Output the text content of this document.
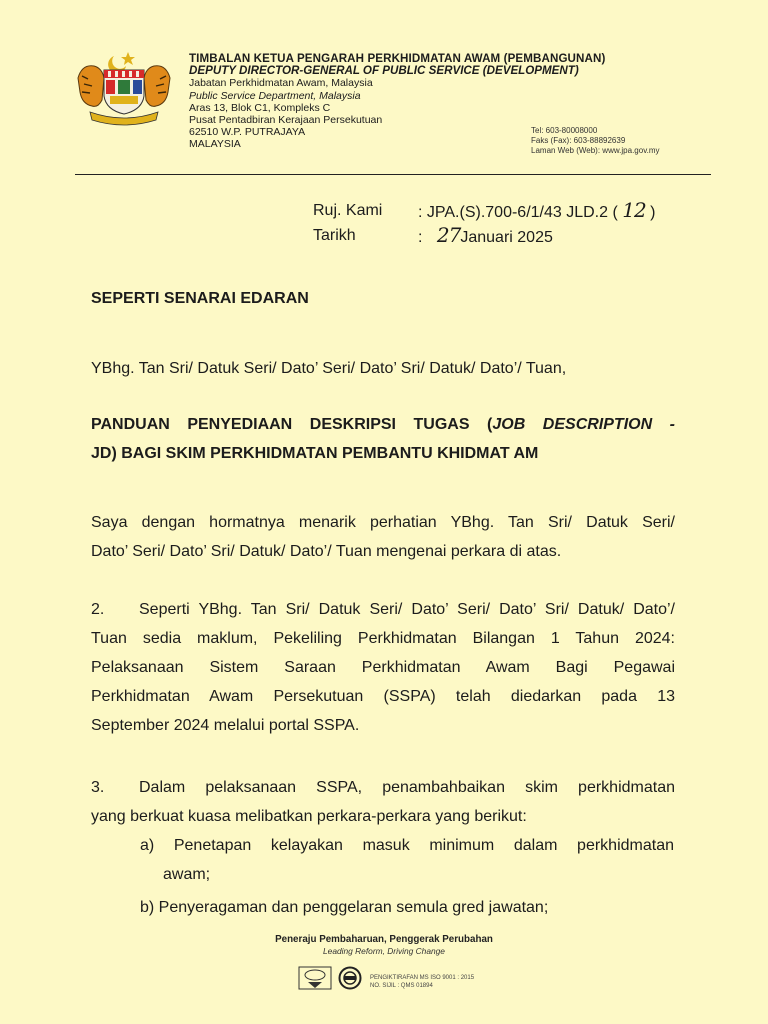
TIMBALAN KETUA PENGARAH PERKHIDMATAN AWAM (PEMBANGUNAN)
DEPUTY DIRECTOR-GENERAL OF PUBLIC SERVICE (DEVELOPMENT)
Jabatan Perkhidmatan Awam, Malaysia
Public Service Department, Malaysia
Aras 13, Blok C1, Kompleks C
Pusat Pentadbiran Kerajaan Persekutuan
62510 W.P. PUTRAJAYA
MALAYSIA
Tel: 603-80008000
Faks (Fax): 603-88892639
Laman Web (Web): www.jpa.gov.my
Ruj. Kami	: JPA.(S).700-6/1/43 JLD.2 ( 12 )
Tarikh	: 27Januari 2025
SEPERTI SENARAI EDARAN
YBhg. Tan Sri/ Datuk Seri/ Dato’ Seri/ Dato’ Sri/ Datuk/ Dato’/ Tuan,
PANDUAN PENYEDIAAN DESKRIPSI TUGAS (JOB DESCRIPTION -
JD) BAGI SKIM PERKHIDMATAN PEMBANTU KHIDMAT AM
Saya dengan hormatnya menarik perhatian YBhg. Tan Sri/ Datuk Seri/
Dato’ Seri/ Dato’ Sri/ Datuk/ Dato’/ Tuan mengenai perkara di atas.
2. Seperti YBhg. Tan Sri/ Datuk Seri/ Dato’ Seri/ Dato’ Sri/ Datuk/ Dato’/
Tuan sedia maklum, Pekeliling Perkhidmatan Bilangan 1 Tahun 2024:
Pelaksanaan Sistem Saraan Perkhidmatan Awam Bagi Pegawai
Perkhidmatan Awam Persekutuan (SSPA) telah diedarkan pada 13
September 2024 melalui portal SSPA.
3. Dalam pelaksanaan SSPA, penambahbaikan skim perkhidmatan
yang berkuat kuasa melibatkan perkara-perkara yang berikut:
a) Penetapan kelayakan masuk minimum dalam perkhidmatan
awam;
b) Penyeragaman dan penggelaran semula gred jawatan;
Peneraju Pembaharuan, Penggerak Perubahan
Leading Reform, Driving Change
PENGIKTIRAFAN MS ISO 9001 : 2015
NO. SIJIL : QMS 01894
